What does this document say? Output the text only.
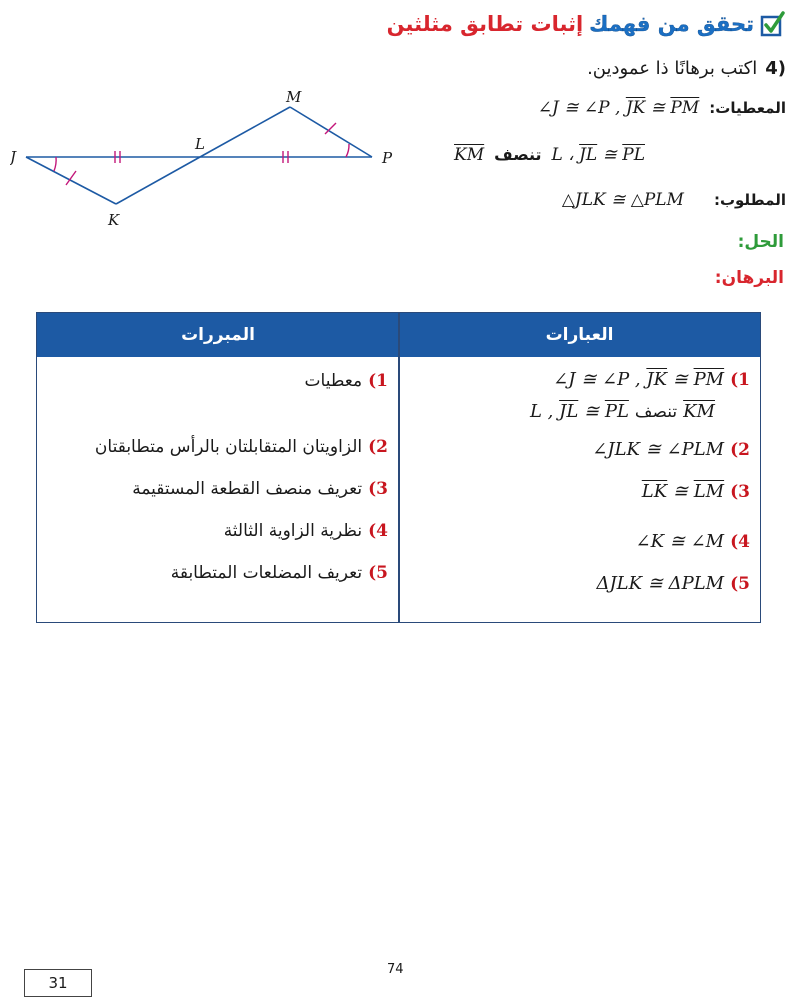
تحقق من فهمك
إثبات تطابق مثلثين
4)
اكتب برهانًا ذا عمودين.
المعطيات:
∠J ≅ ∠P , $\overline{JK}$ ≅ $\overline{PM}$
L ، $\overline{JL}$ ≅ $\overline{PL}$
تنصف
$\overline{KM}$
المطلوب:
△JLK ≅ △PLM
M
L
J	P
K
الحل:
البرهان:
المبررات	العبارات
1)
∠J ≅ ∠P , $\overline{JK}$ ≅ $\overline{PM}$
$\overline{KM}$
تنصف
L , $\overline{JL}$ ≅ $\overline{PL}$
2)
∠JLK ≅ ∠PLM
3)
$\overline{LK}$ ≅ $\overline{LM}$
4)
∠K ≅ ∠M
5)
ΔJLK ≅ ΔPLM
1)
معطيات
2)
الزاويتان المتقابلتان بالرأس متطابقتان
3)
تعريف منصف القطعة المستقيمة
4)
نظرية الزاوية الثالثة
5)
تعريف المضلعات المتطابقة
74
31
